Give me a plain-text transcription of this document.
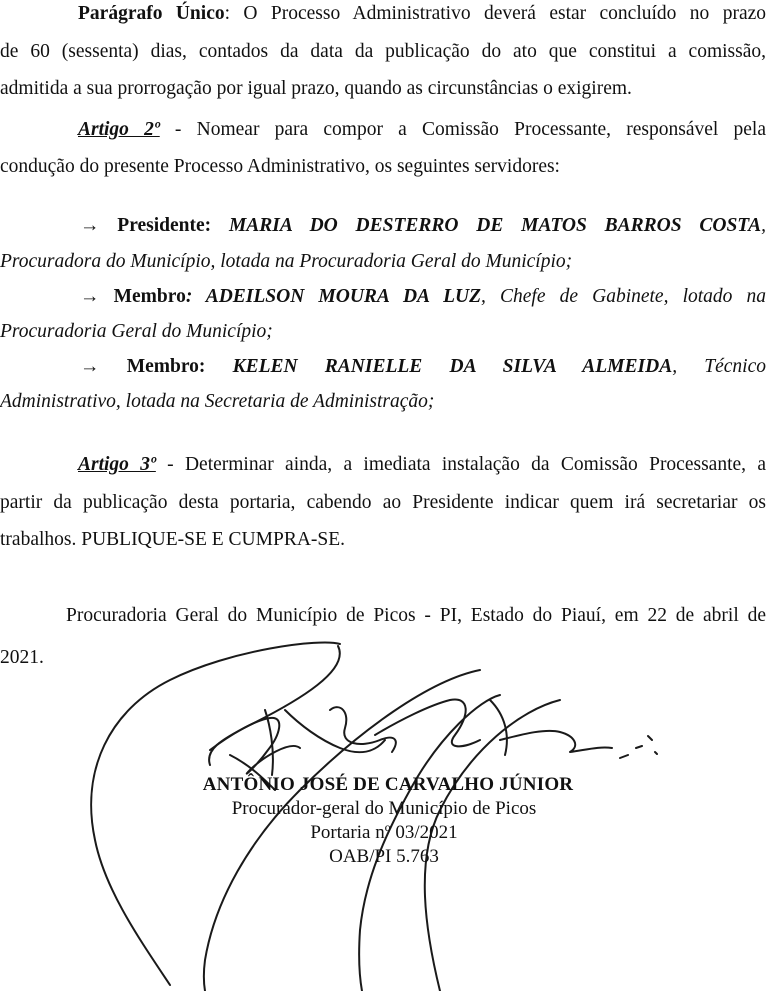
Parágrafo Único: O Processo Administrativo deverá estar concluído no prazo
de 60 (sessenta) dias, contados da data da publicação do ato que constitui a comissão,
admitida a sua prorrogação por igual prazo, quando as circunstâncias o exigirem.
Artigo 2º - Nomear para compor a Comissão Processante, responsável pela
condução do presente Processo Administrativo, os seguintes servidores:
→ Presidente: MARIA DO DESTERRO DE MATOS BARROS COSTA,
Procuradora do Município, lotada na Procuradoria Geral do Município;
→ Membro: ADEILSON MOURA DA LUZ, Chefe de Gabinete, lotado na
Procuradoria Geral do Município;
→ Membro: KELEN RANIELLE DA SILVA ALMEIDA, Técnico
Administrativo, lotada na Secretaria de Administração;
Artigo 3º - Determinar ainda, a imediata instalação da Comissão Processante, a
partir da publicação desta portaria, cabendo ao Presidente indicar quem irá secretariar os
trabalhos. PUBLIQUE-SE E CUMPRA-SE.
Procuradoria Geral do Município de Picos - PI, Estado do Piauí, em 22 de abril de
2021.
ANTÔNIO JOSÉ DE CARVALHO JÚNIOR
Procurador-geral do Município de Picos
Portaria nº 03/2021
OAB/PI 5.763
